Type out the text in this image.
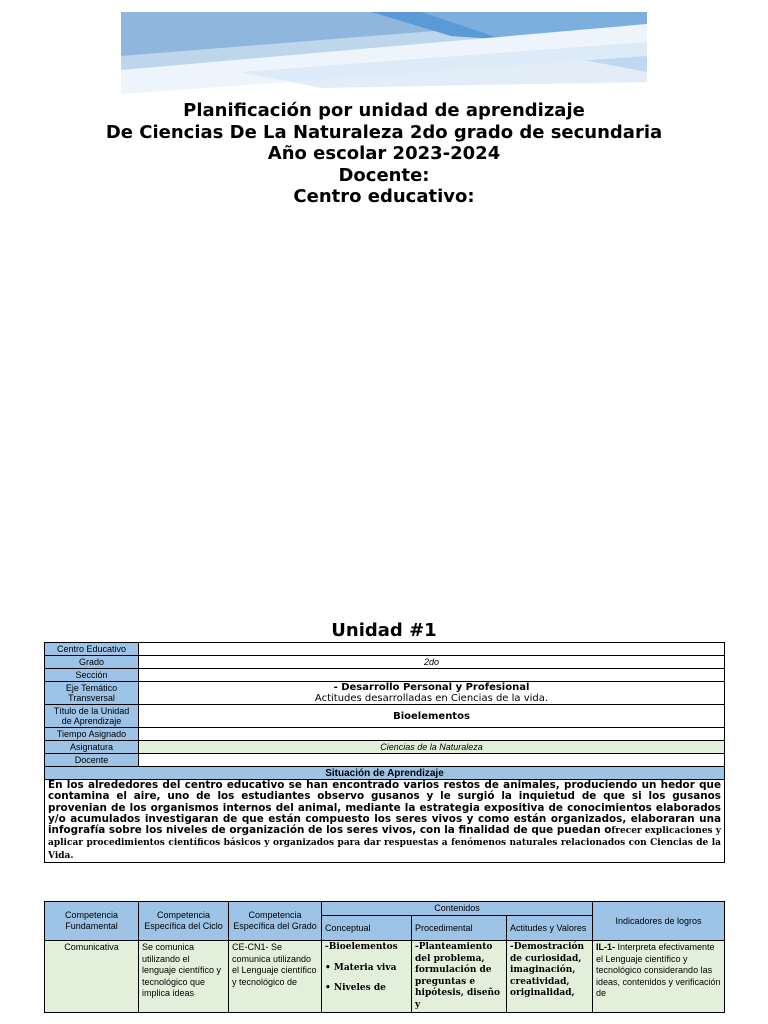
Planificación por unidad de aprendizaje
De Ciencias De La Naturaleza 2do grado de secundaria
Año escolar 2023-2024
Docente:
Centro educativo:
Unidad #1
Centro Educativo	
Grado	2do
Sección	
Eje Temático Transversal	- Desarrollo Personal y Profesional
Actitudes desarrolladas en Ciencias de la vida.

Título de la Unidad de Aprendizaje	Bioelementos
Tiempo Asignado	
Asignatura	Ciencias de la Naturaleza
Docente	
Situación de Aprendizaje	

En los alrededores del centro educativo se han encontrado varios restos de animales, produciendo un hedor que contamina el aire, uno de los estudiantes observo gusanos y le surgió la inquietud de que si los gusanos provenian de los organismos internos del animal, mediante la estrategia expositiva de conocimientos elaborados y/o acumulados investigaran de que están compuesto los seres vivos y como están organizados, elaboraran una infografía sobre los niveles de organización de los seres vivos, con la finalidad de que puedan ofrecer explicaciones y aplicar procedimientos científicos básicos y organizados para dar respuestas a fenómenos naturales relacionados con Ciencias de la Vida.	

Competencia Fundamental	Competencia Específica del Ciclo	Competencia Específica del Grado	Contenidos			Indicadores de logros
			Conceptual	Procedimental	Actitudes y Valores	
Comunicativa	Se comunica utilizando el lenguaje científico y tecnológico que implica ideas	CE-CN1- Se comunica utilizando el Lenguaje científico y tecnológico de	-Bioelementos
• Materia viva
• Niveles de	-Planteamiento del problema, formulación de preguntas e hipótesis, diseño y	-Demostración de curiosidad, imaginación, creatividad, originalidad,	IL-1- Interpreta efectivamente el Lenguaje científico y tecnológico considerando las ideas, contenidos y verificación de
